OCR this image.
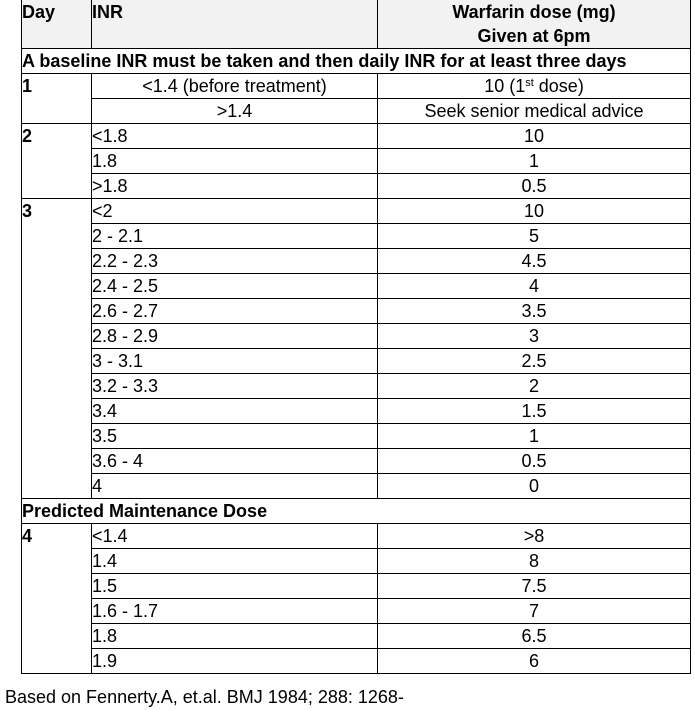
Day	INR	Warfarin dose (mg)
Given at 6pm

A baseline INR must be taken and then daily INR for at least three days		
1	<1.4 (before treatment)	10 (1st dose)
	>1.4	Seek senior medical advice
2	<1.8	10
	1.8	1
	>1.8	0.5
3	<2	10
	2 - 2.1	5
	2.2 - 2.3	4.5
	2.4 - 2.5	4
	2.6 - 2.7	3.5
	2.8 - 2.9	3
	3 - 3.1	2.5
	3.2 - 3.3	2
	3.4	1.5
	3.5	1
	3.6 - 4	0.5
	4	0
Predicted Maintenance Dose		
4	<1.4	>8
	1.4	8
	1.5	7.5
	1.6 - 1.7	7
	1.8	6.5
	1.9	6
Based on Fennerty.A, et.al. BMJ 1984; 288: 1268-
